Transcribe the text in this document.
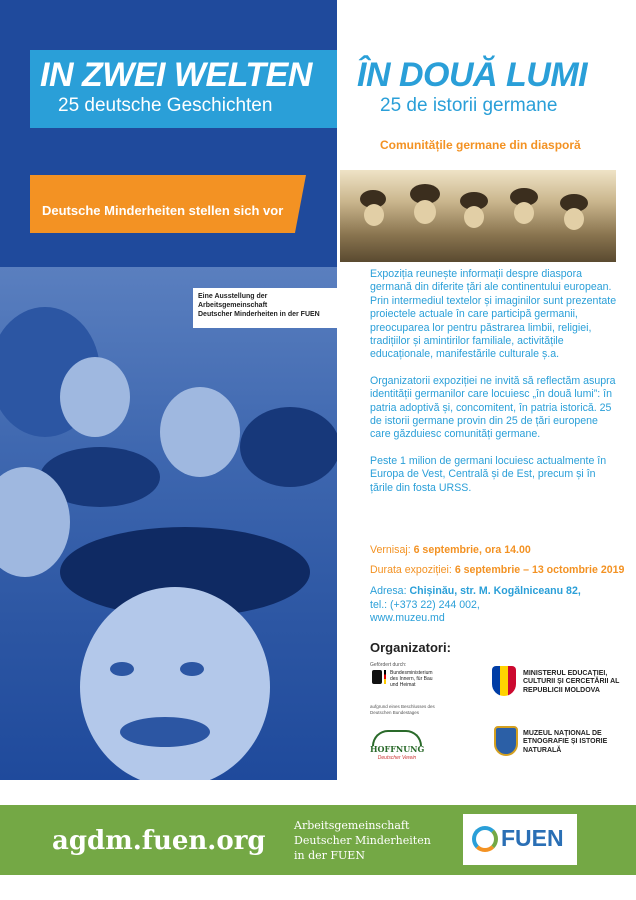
IN ZWEI WELTEN
25 deutsche Geschichten
ÎN DOUĂ LUMI
25 de istorii germane
Comunitățile germane din diasporă
Deutsche Minderheiten stellen sich vor
Eine Ausstellung der Arbeitsgemeinschaft
Deutscher Minderheiten in der FUEN

Expoziția reunește informații despre diaspora germană din diferite țări ale continentului european. Prin intermediul textelor și imaginilor sunt prezentate proiectele actuale în care participă germanii, preocuparea lor pentru păstrarea limbii, religiei, tradițiilor și amintirilor familiale, activitățile educaționale, manifestările culturale ș.a.

Organizatorii expoziției ne invită să reflectăm asupra identității germanilor care locuiesc „în două lumi”: în patria adoptivă și, concomitent, în patria istorică. 25 de istorii germane provin din 25 de țări europene care găzduiesc comunități germane.

Peste 1 milion de germani locuiesc actualmente în Europa de Vest, Centrală și de Est, precum și în țările din fosta URSS.

Vernisaj: 6 septembrie, ora 14.00
Durata expoziției: 6 septembrie – 13 octombrie 2019
Adresa: Chișinău, str. M. Kogălniceanu 82,
tel.: (+373 22) 244 002,
www.muzeu.md
Organizatori:
Gefördert durch:
Bundesministerium des Innern, für Bau und Heimat
aufgrund eines Beschlusses des Deutschen Bundestages
HOFFNUNG
Deutscher Verein
MINISTERUL EDUCAȚIEI, CULTURII ȘI CERCETĂRII AL REPUBLICII MOLDOVA
MUZEUL NAȚIONAL DE ETNOGRAFIE ȘI ISTORIE NATURALĂ
agdm.fuen.org
Arbeitsgemeinschaft
Deutscher Minderheiten
in der FUEN
FUEN
